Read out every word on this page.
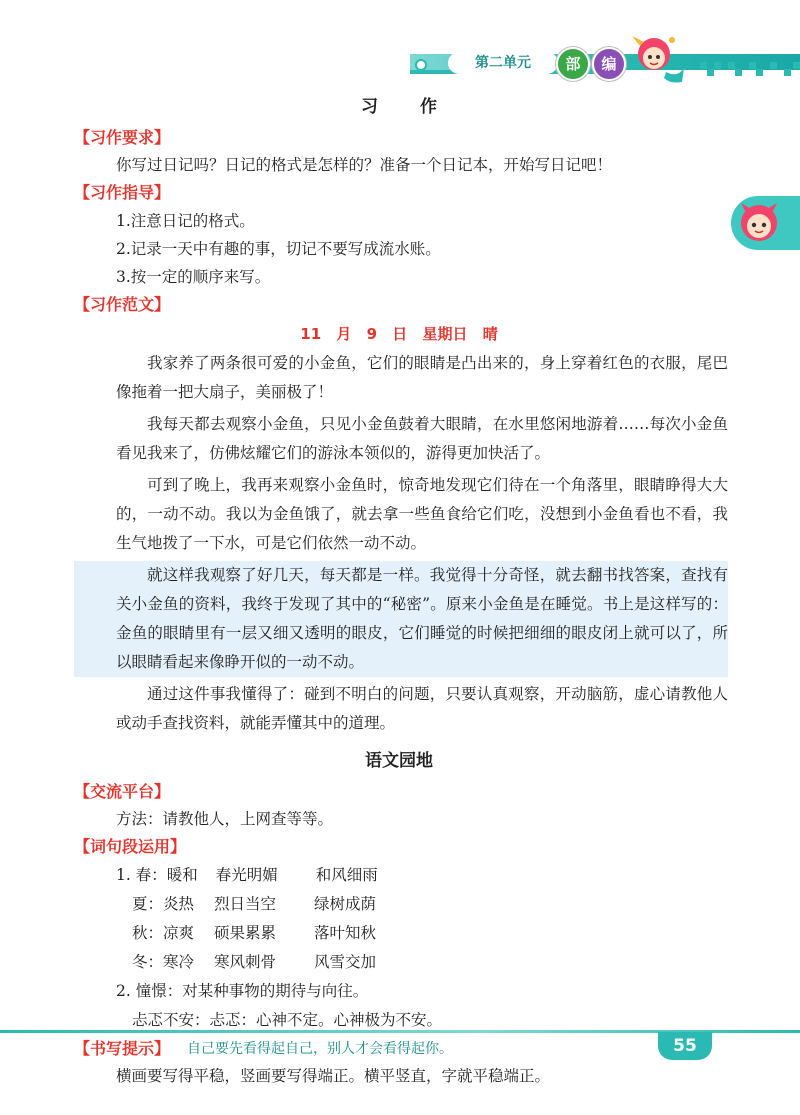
第二单元	部	编
习 作
【习作要求】
你写过日记吗？日记的格式是怎样的？准备一个日记本，开始写日记吧！
【习作指导】
1.注意日记的格式。
2.记录一天中有趣的事，切记不要写成流水账。
3.按一定的顺序来写。
【习作范文】
11 月 9 日 星期日 晴
我家养了两条很可爱的小金鱼，它们的眼睛是凸出来的，身上穿着红色的衣服，尾巴像拖着一把大扇子，美丽极了！
我每天都去观察小金鱼，只见小金鱼鼓着大眼睛，在水里悠闲地游着……每次小金鱼看见我来了，仿佛炫耀它们的游泳本领似的，游得更加快活了。
可到了晚上，我再来观察小金鱼时，惊奇地发现它们待在一个角落里，眼睛睁得大大的，一动不动。我以为金鱼饿了，就去拿一些鱼食给它们吃，没想到小金鱼看也不看，我生气地拨了一下水，可是它们依然一动不动。
就这样我观察了好几天，每天都是一样。我觉得十分奇怪，就去翻书找答案，查找有关小金鱼的资料，我终于发现了其中的“秘密”。原来小金鱼是在睡觉。书上是这样写的：金鱼的眼睛里有一层又细又透明的眼皮，它们睡觉的时候把细细的眼皮闭上就可以了，所以眼睛看起来像睁开似的一动不动。
通过这件事我懂得了：碰到不明白的问题，只要认真观察，开动脑筋，虚心请教他人或动手查找资料，就能弄懂其中的道理。
语文园地
【交流平台】
方法：请教他人，上网查等等。
【词句段运用】
1. 春：暖和 春光明媚 和风细雨
夏：炎热 烈日当空 绿树成荫
秋：凉爽 硕果累累 落叶知秋
冬：寒冷 寒风刺骨 风雪交加
2. 憧憬：对某种事物的期待与向往。
忐忑不安：忐忑：心神不定。心神极为不安。
【书写提示】
横画要写得平稳，竖画要写得端正。横平竖直，字就平稳端正。
自己要先看得起自己，别人才会看得起你。	55
